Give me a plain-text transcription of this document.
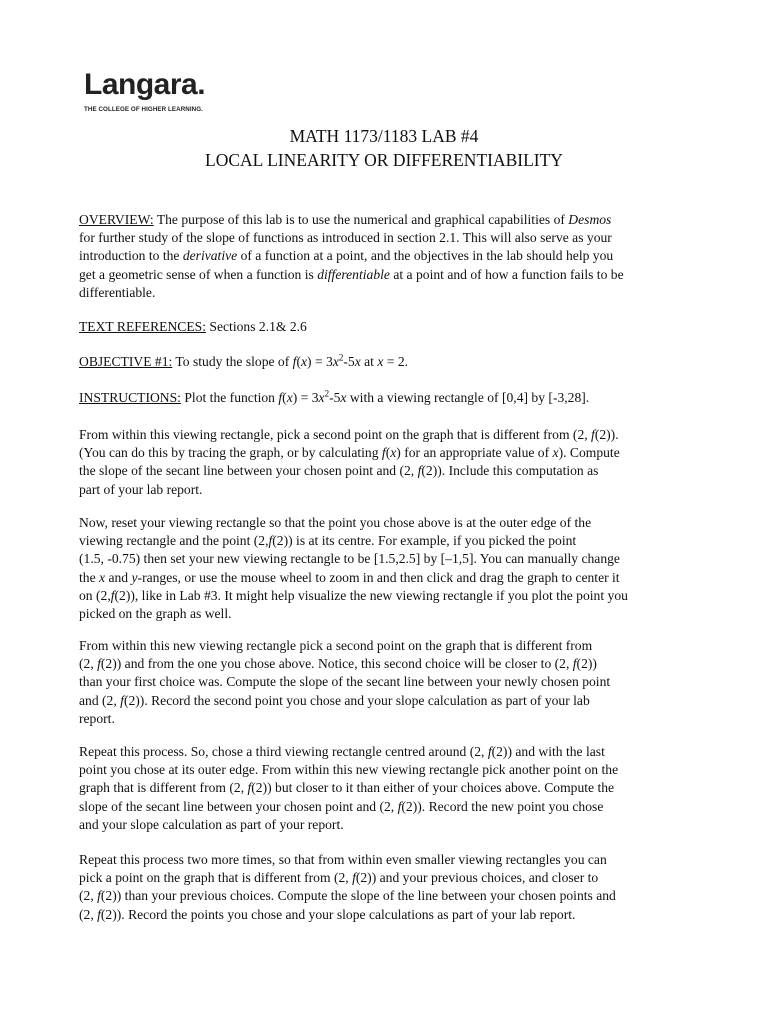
Langara.
THE COLLEGE OF HIGHER LEARNING.
MATH 1173/1183 LAB #4
LOCAL LINEARITY OR DIFFERENTIABILITY
OVERVIEW: The purpose of this lab is to use the numerical and graphical capabilities of Desmos
for further study of the slope of functions as introduced in section 2.1. This will also serve as your
introduction to the derivative of a function at a point, and the objectives in the lab should help you
get a geometric sense of when a function is differentiable at a point and of how a function fails to be
differentiable.
TEXT REFERENCES: Sections 2.1& 2.6
OBJECTIVE #1: To study the slope of $f(x) = 3x^2-5x$ at x = 2.
INSTRUCTIONS: Plot the function $f(x) = 3x^2-5x$ with a viewing rectangle of [0,4] by [-3,28].
From within this viewing rectangle, pick a second point on the graph that is different from (2, f(2)).
(You can do this by tracing the graph, or by calculating f(x) for an appropriate value of x). Compute
the slope of the secant line between your chosen point and (2, f(2)). Include this computation as
part of your lab report.
Now, reset your viewing rectangle so that the point you chose above is at the outer edge of the
viewing rectangle and the point (2,f(2)) is at its centre. For example, if you picked the point
(1.5, -0.75) then set your new viewing rectangle to be [1.5,2.5] by [–1,5]. You can manually change
the x and y-ranges, or use the mouse wheel to zoom in and then click and drag the graph to center it
on (2,f(2)), like in Lab #3. It might help visualize the new viewing rectangle if you plot the point you
picked on the graph as well.
From within this new viewing rectangle pick a second point on the graph that is different from
(2, f(2)) and from the one you chose above. Notice, this second choice will be closer to (2, f(2))
than your first choice was. Compute the slope of the secant line between your newly chosen point
and (2, f(2)). Record the second point you chose and your slope calculation as part of your lab
report.
Repeat this process. So, chose a third viewing rectangle centred around (2, f(2)) and with the last
point you chose at its outer edge. From within this new viewing rectangle pick another point on the
graph that is different from (2, f(2)) but closer to it than either of your choices above. Compute the
slope of the secant line between your chosen point and (2, f(2)). Record the new point you chose
and your slope calculation as part of your report.
Repeat this process two more times, so that from within even smaller viewing rectangles you can
pick a point on the graph that is different from (2, f(2)) and your previous choices, and closer to
(2, f(2)) than your previous choices. Compute the slope of the line between your chosen points and
(2, f(2)). Record the points you chose and your slope calculations as part of your lab report.
